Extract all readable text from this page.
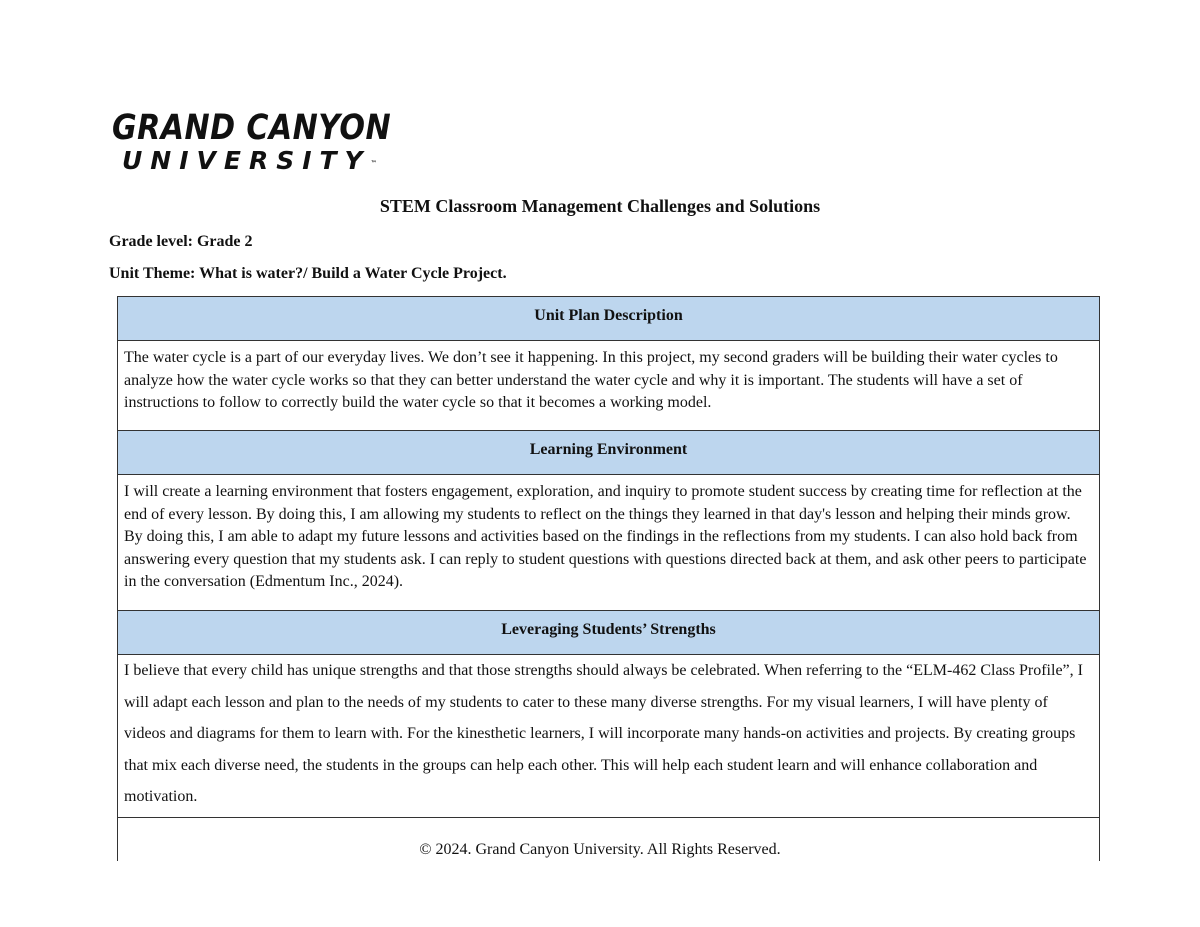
GRAND CANYON
UNIVERSITY™
STEM Classroom Management Challenges and Solutions
Grade level: Grade 2
Unit Theme: What is water?/ Build a Water Cycle Project.
Unit Plan Description
The water cycle is a part of our everyday lives. We don’t see it happening. In this project, my second graders will be building their water cycles to analyze how the water cycle works so that they can better understand the water cycle and why it is important. The students will have a set of instructions to follow to correctly build the water cycle so that it becomes a working model.
Learning Environment
I will create a learning environment that fosters engagement, exploration, and inquiry to promote student success by creating time for reflection at the end of every lesson. By doing this, I am allowing my students to reflect on the things they learned in that day's lesson and helping their minds grow. By doing this, I am able to adapt my future lessons and activities based on the findings in the reflections from my students. I can also hold back from answering every question that my students ask. I can reply to student questions with questions directed back at them, and ask other peers to participate in the conversation (Edmentum Inc., 2024).
Leveraging Students’ Strengths
I believe that every child has unique strengths and that those strengths should always be celebrated. When referring to the “ELM-462 Class Profile”, I will adapt each lesson and plan to the needs of my students to cater to these many diverse strengths. For my visual learners, I will have plenty of videos and diagrams for them to learn with. For the kinesthetic learners, I will incorporate many hands-on activities and projects. By creating groups that mix each diverse need, the students in the groups can help each other. This will help each student learn and will enhance collaboration and motivation.
© 2024. Grand Canyon University. All Rights Reserved.
